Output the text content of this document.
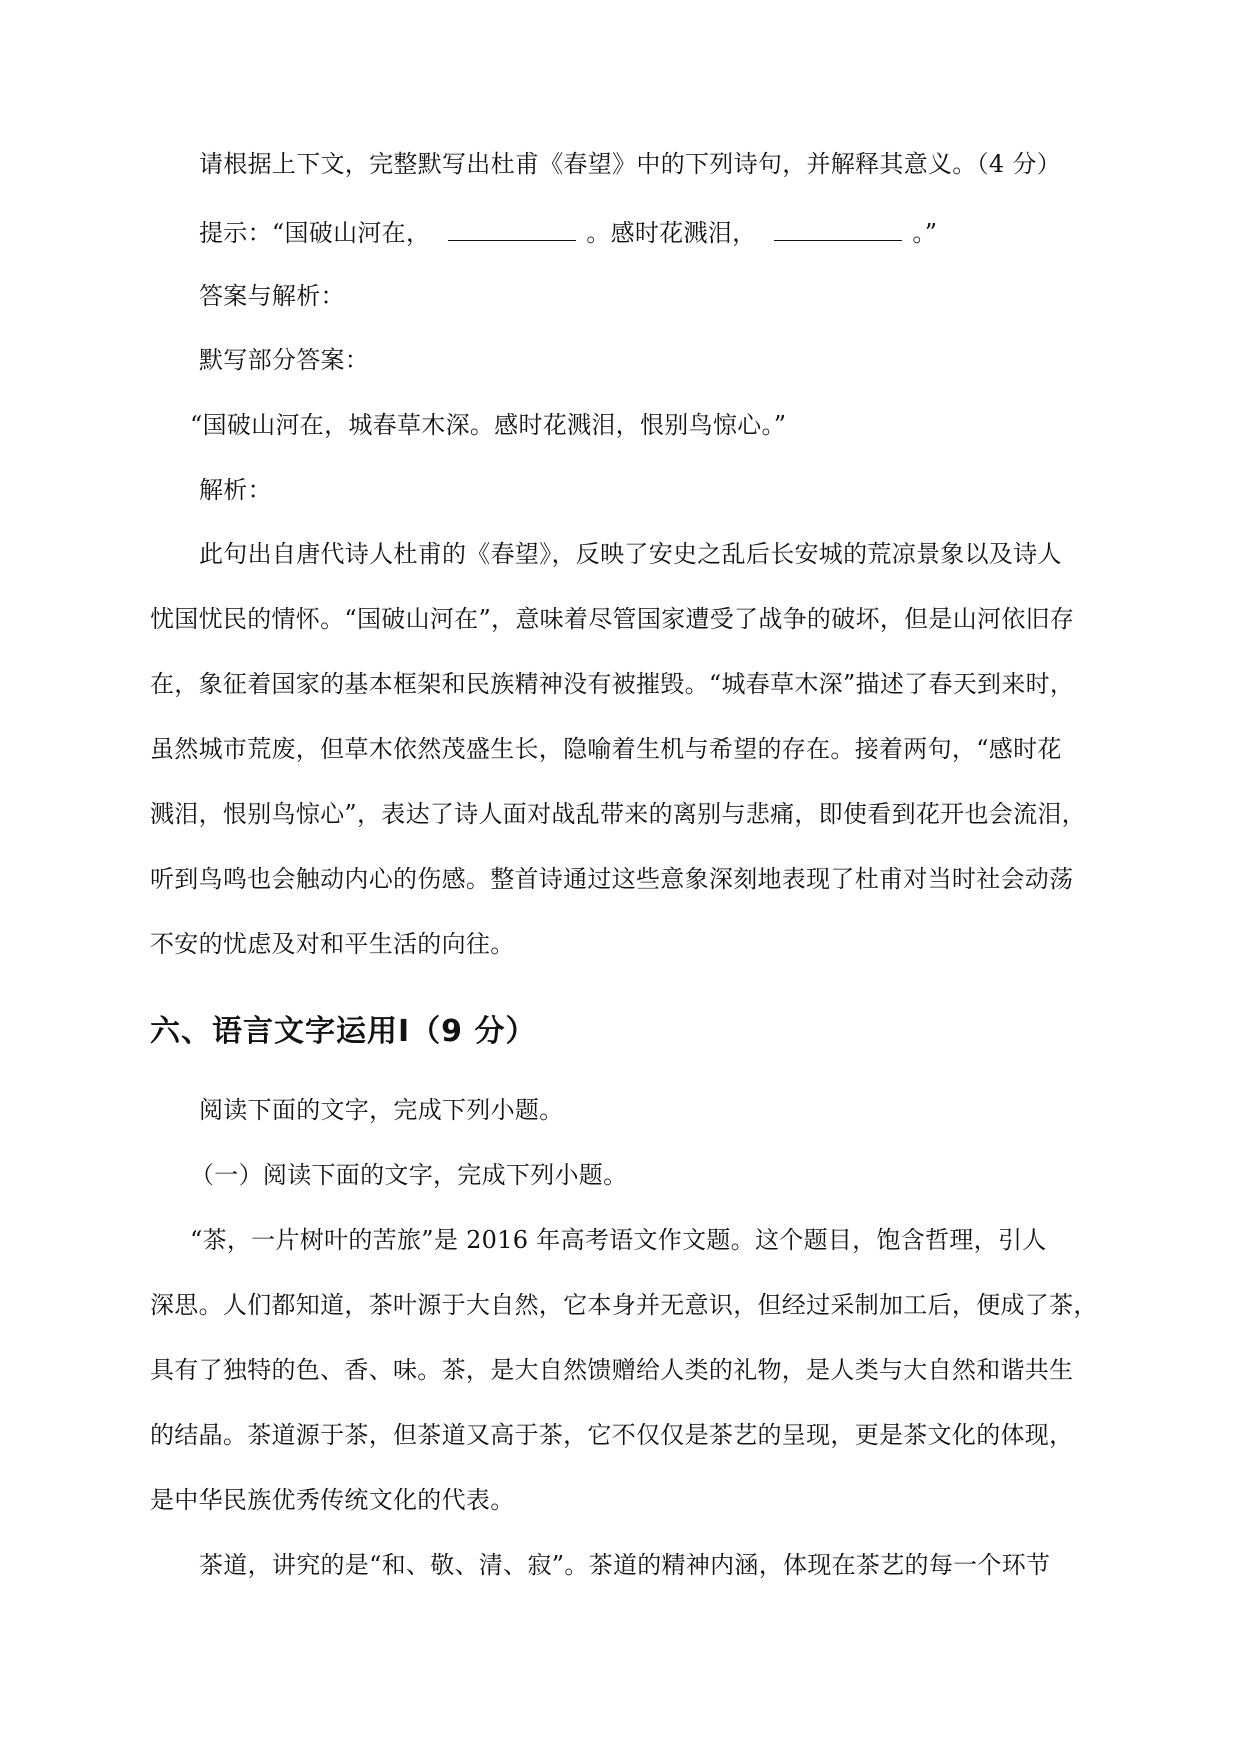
请根据上下文，完整默写出杜甫《春望》中的下列诗句，并解释其意义。（4 分）
提示：“国破山河在，	。感时花溅泪，	。”
答案与解析：
默写部分答案：
“国破山河在，城春草木深。感时花溅泪，恨别鸟惊心。”
解析：
此句出自唐代诗人杜甫的《春望》，反映了安史之乱后长安城的荒凉景象以及诗人
忧国忧民的情怀。“国破山河在”，意味着尽管国家遭受了战争的破坏，但是山河依旧存
在，象征着国家的基本框架和民族精神没有被摧毁。“城春草木深”描述了春天到来时，
虽然城市荒废，但草木依然茂盛生长，隐喻着生机与希望的存在。接着两句，“感时花
溅泪，恨别鸟惊心”，表达了诗人面对战乱带来的离别与悲痛，即使看到花开也会流泪，
听到鸟鸣也会触动内心的伤感。整首诗通过这些意象深刻地表现了杜甫对当时社会动荡
不安的忧虑及对和平生活的向往。
六、语言文字运用Ⅰ（9 分）
阅读下面的文字，完成下列小题。
（一）阅读下面的文字，完成下列小题。
“茶，一片树叶的苦旅”是 2016 年高考语文作文题。这个题目，饱含哲理，引人
深思。人们都知道，茶叶源于大自然，它本身并无意识，但经过采制加工后，便成了茶，
具有了独特的色、香、味。茶，是大自然馈赠给人类的礼物，是人类与大自然和谐共生
的结晶。茶道源于茶，但茶道又高于茶，它不仅仅是茶艺的呈现，更是茶文化的体现，
是中华民族优秀传统文化的代表。
茶道，讲究的是“和、敬、清、寂”。茶道的精神内涵，体现在茶艺的每一个环节
